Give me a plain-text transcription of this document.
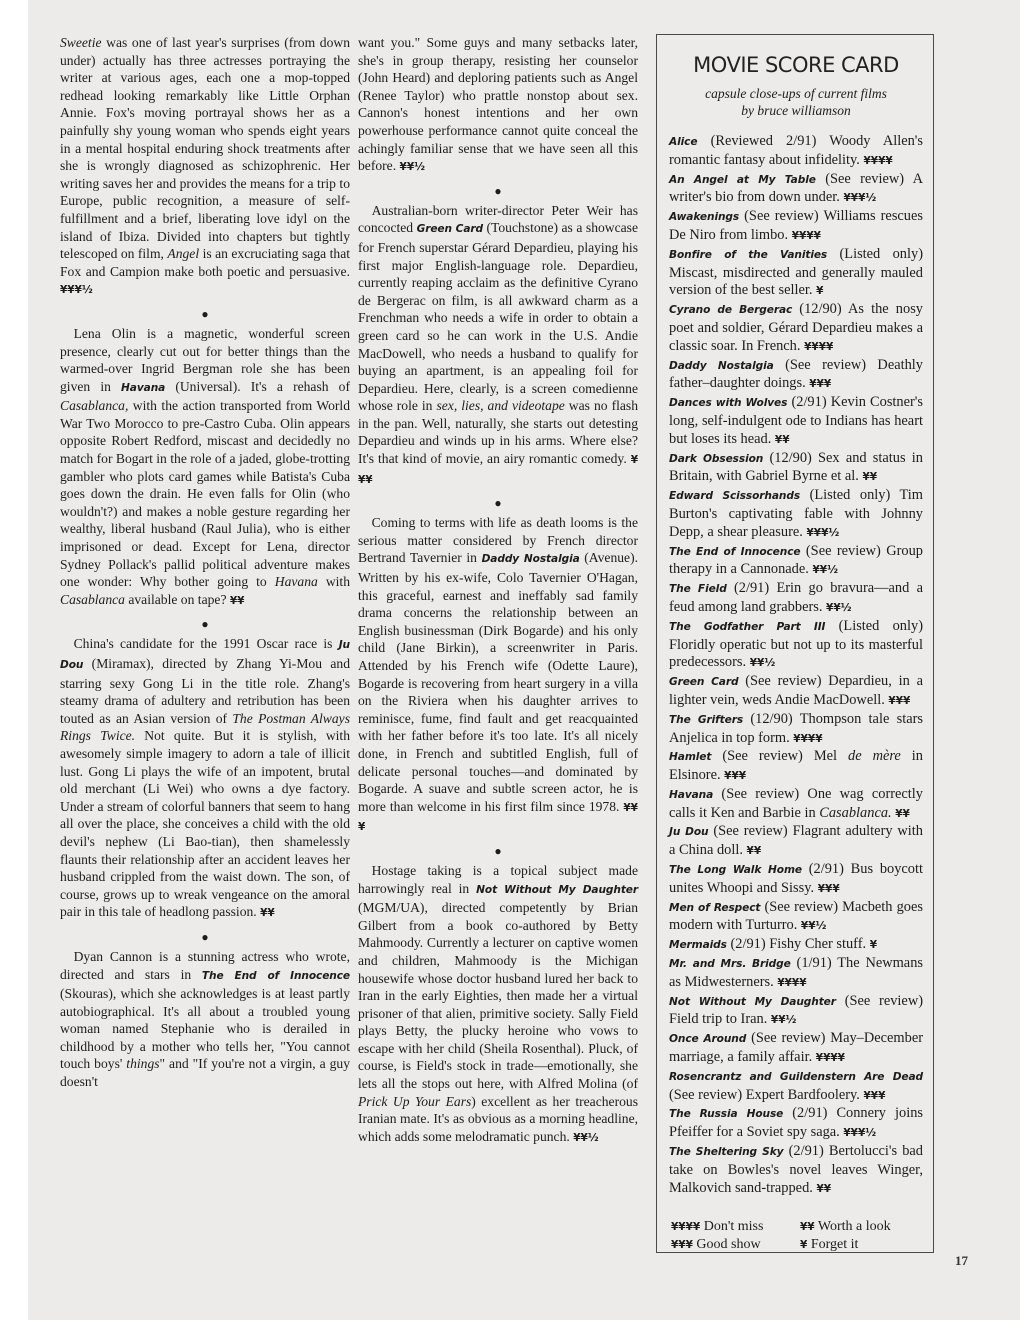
Sweetie was one of last year's surprises (from down under) actually has three actresses portraying the writer at various ages, each one a mop-topped redhead looking remarkably like Little Orphan Annie. Fox's moving portrayal shows her as a painfully shy young woman who spends eight years in a mental hospital enduring shock treatments after she is wrongly diagnosed as schizophrenic. Her writing saves her and provides the means for a trip to Europe, public recognition, a measure of self-fulfillment and a brief, liberating love idyl on the island of Ibiza. Divided into chapters but tightly telescoped on film, Angel is an excruciating saga that Fox and Campion make both poetic and persuasive. ¥¥¥½

●

 Lena Olin is a magnetic, wonderful screen presence, clearly cut out for better things than the warmed-over Ingrid Bergman role she has been given in Havana (Universal). It's a rehash of Casablanca, with the action transported from World War Two Morocco to pre-Castro Cuba. Olin appears opposite Robert Redford, miscast and decidedly no match for Bogart in the role of a jaded, globe-trotting gambler who plots card games while Batista's Cuba goes down the drain. He even falls for Olin (who wouldn't?) and makes a noble gesture regarding her wealthy, liberal husband (Raul Julia), who is either imprisoned or dead. Except for Lena, director Sydney Pollack's pallid political adventure makes one wonder: Why bother going to Havana with Casablanca available on tape? ¥¥

●

 China's candidate for the 1991 Oscar race is Ju Dou (Miramax), directed by Zhang Yi-Mou and starring sexy Gong Li in the title role. Zhang's steamy drama of adultery and retribution has been touted as an Asian version of The Postman Always Rings Twice. Not quite. But it is stylish, with awesomely simple imagery to adorn a tale of illicit lust. Gong Li plays the wife of an impotent, brutal old merchant (Li Wei) who owns a dye factory. Under a stream of colorful banners that seem to hang all over the place, she conceives a child with the old devil's nephew (Li Bao-tian), then shamelessly flaunts their relationship after an accident leaves her husband crippled from the waist down. The son, of course, grows up to wreak vengeance on the amoral pair in this tale of headlong passion. ¥¥

●

 Dyan Cannon is a stunning actress who wrote, directed and stars in The End of Innocence (Skouras), which she acknowledges is at least partly autobiographical. It's all about a troubled young woman named Stephanie who is derailed in childhood by a mother who tells her, "You cannot touch boys' things" and "If you're not a virgin, a guy doesn't

want you." Some guys and many setbacks later, she's in group therapy, resisting her counselor (John Heard) and deploring patients such as Angel (Renee Taylor) who prattle nonstop about sex. Cannon's honest intentions and her own powerhouse performance cannot quite conceal the achingly familiar sense that we have seen all this before. ¥¥½

●

 Australian-born writer-director Peter Weir has concocted Green Card (Touchstone) as a showcase for French superstar Gérard Depardieu, playing his first major English-language role. Depardieu, currently reaping acclaim as the definitive Cyrano de Bergerac on film, is all awkward charm as a Frenchman who needs a wife in order to obtain a green card so he can work in the U.S. Andie MacDowell, who needs a husband to qualify for buying an apartment, is an appealing foil for Depardieu. Here, clearly, is a screen comedienne whose role in sex, lies, and videotape was no flash in the pan. Well, naturally, she starts out detesting Depardieu and winds up in his arms. Where else? It's that kind of movie, an airy romantic comedy. ¥¥¥

●

 Coming to terms with life as death looms is the serious matter considered by French director Bertrand Tavernier in Daddy Nostalgia (Avenue). Written by his ex-wife, Colo Tavernier O'Hagan, this graceful, earnest and ineffably sad family drama concerns the relationship between an English businessman (Dirk Bogarde) and his only child (Jane Birkin), a screenwriter in Paris. Attended by his French wife (Odette Laure), Bogarde is recovering from heart surgery in a villa on the Riviera when his daughter arrives to reminisce, fume, find fault and get reacquainted with her father before it's too late. It's all nicely done, in French and subtitled English, full of delicate personal touches—and dominated by Bogarde. A suave and subtle screen actor, he is more than welcome in his first film since 1978. ¥¥¥

●

 Hostage taking is a topical subject made harrowingly real in Not Without My Daughter (MGM/UA), directed competently by Brian Gilbert from a book co-authored by Betty Mahmoody. Currently a lecturer on captive women and children, Mahmoody is the Michigan housewife whose doctor husband lured her back to Iran in the early Eighties, then made her a virtual prisoner of that alien, primitive society. Sally Field plays Betty, the plucky heroine who vows to escape with her child (Sheila Rosenthal). Pluck, of course, is Field's stock in trade—emotionally, she lets all the stops out here, with Alfred Molina (of Prick Up Your Ears) excellent as her treacherous Iranian mate. It's as obvious as a morning headline, which adds some melodramatic punch. ¥¥½

MOVIE SCORE CARD
capsule close-ups of current films
by bruce williamson

Alice (Reviewed 2/91) Woody Allen's romantic fantasy about infidelity. ¥¥¥¥

An Angel at My Table (See review) A writer's bio from down under. ¥¥¥½

Awakenings (See review) Williams rescues De Niro from limbo. ¥¥¥¥

Bonfire of the Vanities (Listed only) Miscast, misdirected and generally mauled version of the best seller. ¥

Cyrano de Bergerac (12/90) As the nosy poet and soldier, Gérard Depardieu makes a classic soar. In French. ¥¥¥¥

Daddy Nostalgia (See review) Deathly father–daughter doings. ¥¥¥

Dances with Wolves (2/91) Kevin Costner's long, self-indulgent ode to Indians has heart but loses its head. ¥¥

Dark Obsession (12/90) Sex and status in Britain, with Gabriel Byrne et al. ¥¥

Edward Scissorhands (Listed only) Tim Burton's captivating fable with Johnny Depp, a shear pleasure. ¥¥¥½

The End of Innocence (See review) Group therapy in a Cannonade. ¥¥½

The Field (2/91) Erin go bravura—and a feud among land grabbers. ¥¥½

The Godfather Part III (Listed only) Floridly operatic but not up to its masterful predecessors. ¥¥½

Green Card (See review) Depardieu, in a lighter vein, weds Andie MacDowell. ¥¥¥

The Grifters (12/90) Thompson tale stars Anjelica in top form. ¥¥¥¥

Hamlet (See review) Mel de mère in Elsinore. ¥¥¥

Havana (See review) One wag correctly calls it Ken and Barbie in Casablanca. ¥¥

Ju Dou (See review) Flagrant adultery with a China doll. ¥¥

The Long Walk Home (2/91) Bus boycott unites Whoopi and Sissy. ¥¥¥

Men of Respect (See review) Macbeth goes modern with Turturro. ¥¥½

Mermaids (2/91) Fishy Cher stuff. ¥

Mr. and Mrs. Bridge (1/91) The Newmans as Midwesterners. ¥¥¥¥

Not Without My Daughter (See review) Field trip to Iran. ¥¥½

Once Around (See review) May–December marriage, a family affair. ¥¥¥¥

Rosencrantz and Guildenstern Are Dead (See review) Expert Bardfoolery. ¥¥¥

The Russia House (2/91) Connery joins Pfeiffer for a Soviet spy saga. ¥¥¥½

The Sheltering Sky (2/91) Bertolucci's bad take on Bowles's novel leaves Winger, Malkovich sand-trapped. ¥¥

¥¥¥¥ Don't miss	¥¥ Worth a look
¥¥¥ Good show	¥ Forget it
17
